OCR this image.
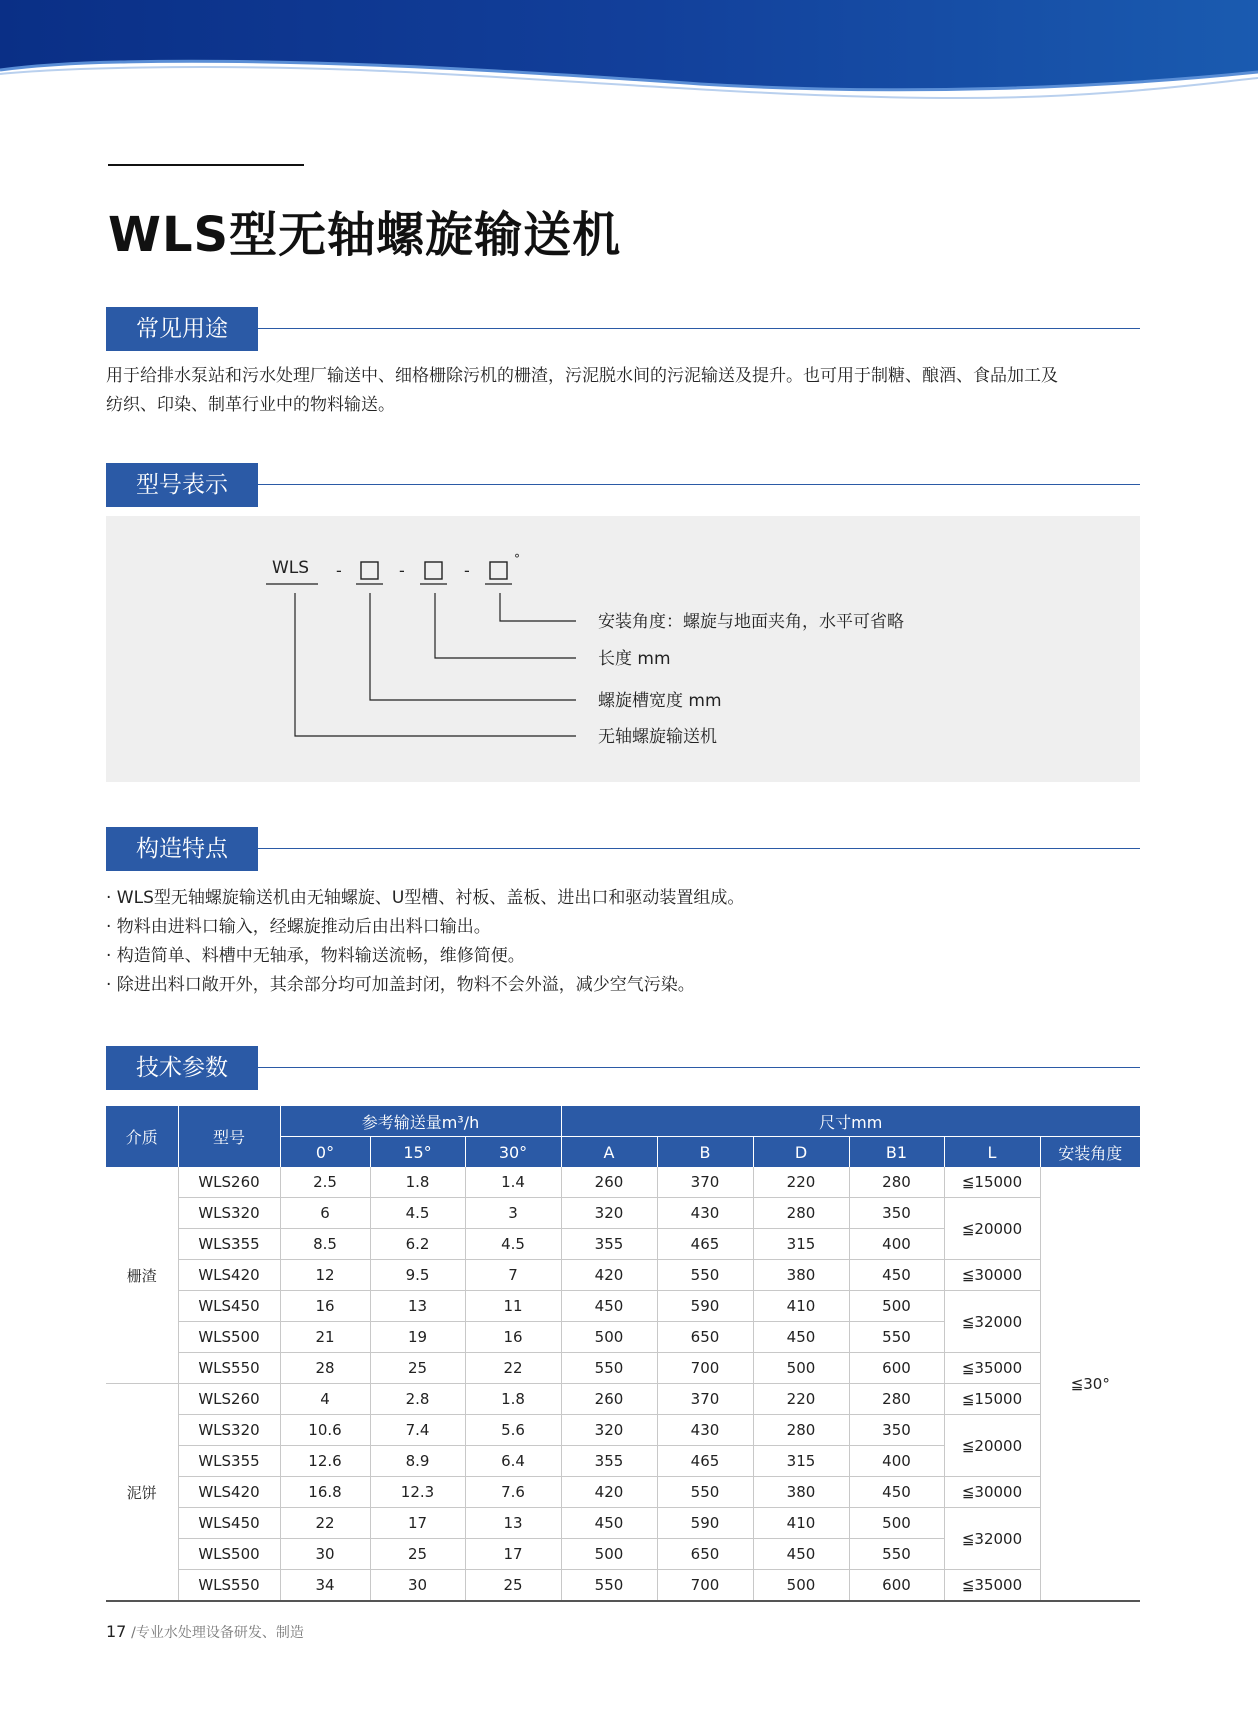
WLS型无轴螺旋输送机
常见用途
用于给排水泵站和污水处理厂输送中、细格栅除污机的栅渣，污泥脱水间的污泥输送及提升。也可用于制糖、酿酒、食品加工及
纺织、印染、制革行业中的物料输送。
型号表示
-	-	-
WLS	°
安装角度：螺旋与地面夹角，水平可省略
长度 mm
螺旋槽宽度 mm
无轴螺旋输送机
构造特点
· WLS型无轴螺旋输送机由无轴螺旋、U型槽、衬板、盖板、进出口和驱动装置组成。
· 物料由进料口输入，经螺旋推动后由出料口输出。
· 构造简单、料槽中无轴承，物料输送流畅，维修简便。
· 除进出料口敞开外，其余部分均可加盖封闭，物料不会外溢，减少空气污染。
技术参数
介质	型号	参考输送量m³/h			尺寸mm					
		0°	15°	30°	A	B	D	B1	L	安装角度
栅渣	WLS260	2.5	1.8	1.4	260	370	220	280	≦15000	≦30°
	WLS320	6	4.5	3	320	430	280	350	≦20000	
	WLS355	8.5	6.2	4.5	355	465	315	400		
	WLS420	12	9.5	7	420	550	380	450	≦30000	
	WLS450	16	13	11	450	590	410	500	≦32000	
	WLS500	21	19	16	500	650	450	550		
	WLS550	28	25	22	550	700	500	600	≦35000	
泥饼	WLS260	4	2.8	1.8	260	370	220	280	≦15000	
	WLS320	10.6	7.4	5.6	320	430	280	350	≦20000	
	WLS355	12.6	8.9	6.4	355	465	315	400		
	WLS420	16.8	12.3	7.6	420	550	380	450	≦30000	
	WLS450	22	17	13	450	590	410	500	≦32000	
	WLS500	30	25	17	500	650	450	550		
	WLS550	34	30	25	550	700	500	600	≦35000	
17 /专业水处理设备研发、制造
